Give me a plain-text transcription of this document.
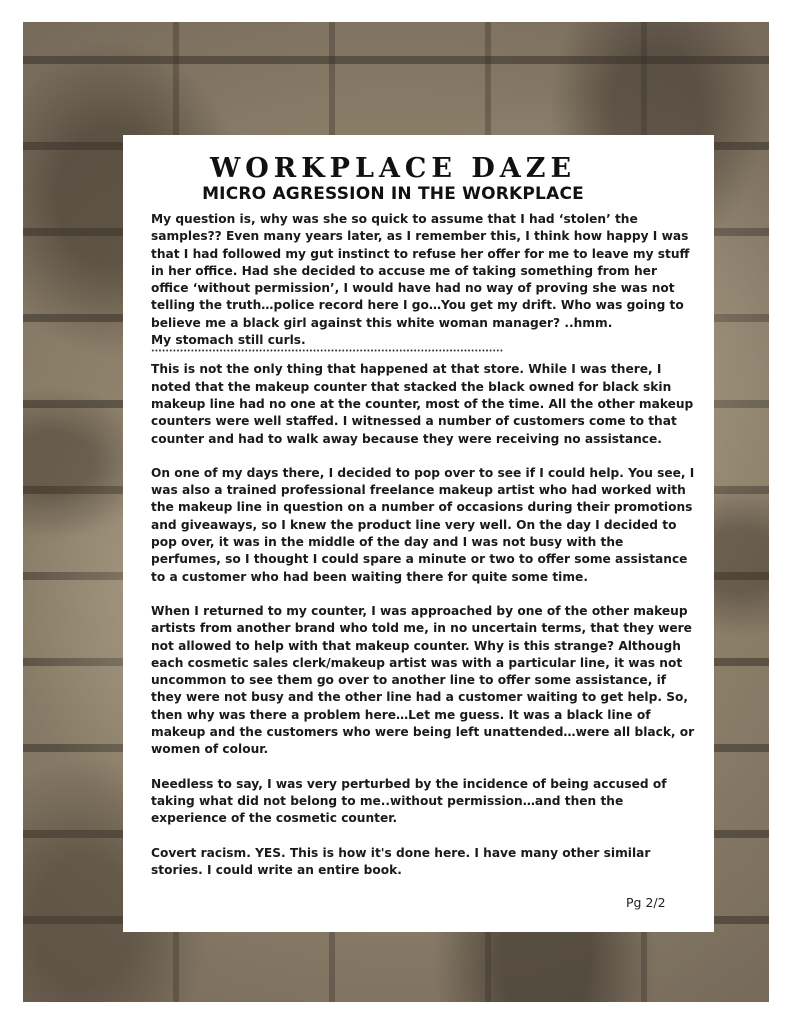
WORKPLACE DAZE
MICRO AGRESSION IN THE WORKPLACE

My question is, why was she so quick to assume that I had ‘stolen’ the samples?? Even many years later, as I remember this, I think how happy I was that I had followed my gut instinct to refuse her offer for me to leave my stuff in her office. Had she decided to accuse me of taking something from her office ‘without permission’, I would have had no way of proving she was not telling the truth…police record here I go…You get my drift. Who was going to believe me a black girl against this white woman manager? ..hmm.
My stomach still curls.

This is not the only thing that happened at that store. While I was there, I noted that the makeup counter that stacked the black owned for black skin makeup line had no one at the counter, most of the time. All the other makeup counters were well staffed. I witnessed a number of customers come to that counter and had to walk away because they were receiving no assistance.

On one of my days there, I decided to pop over to see if I could help. You see, I was also a trained professional freelance makeup artist who had worked with the makeup line in question on a number of occasions during their promotions and giveaways, so I knew the product line very well. On the day I decided to pop over, it was in the middle of the day and I was not busy with the perfumes, so I thought I could spare a minute or two to offer some assistance to a customer who had been waiting there for quite some time.

When I returned to my counter, I was approached by one of the other makeup artists from another brand who told me, in no uncertain terms, that they were not allowed to help with that makeup counter. Why is this strange? Although each cosmetic sales clerk/makeup artist was with a particular line, it was not uncommon to see them go over to another line to offer some assistance, if they were not busy and the other line had a customer waiting to get help. So, then why was there a problem here…Let me guess. It was a black line of makeup and the customers who were being left unattended…were all black, or women of colour.

Needless to say, I was very perturbed by the incidence of being accused of taking what did not belong to me..without permission…and then the experience of the cosmetic counter.

Covert racism. YES. This is how it's done here. I have many other similar stories. I could write an entire book.

Pg 2/2
